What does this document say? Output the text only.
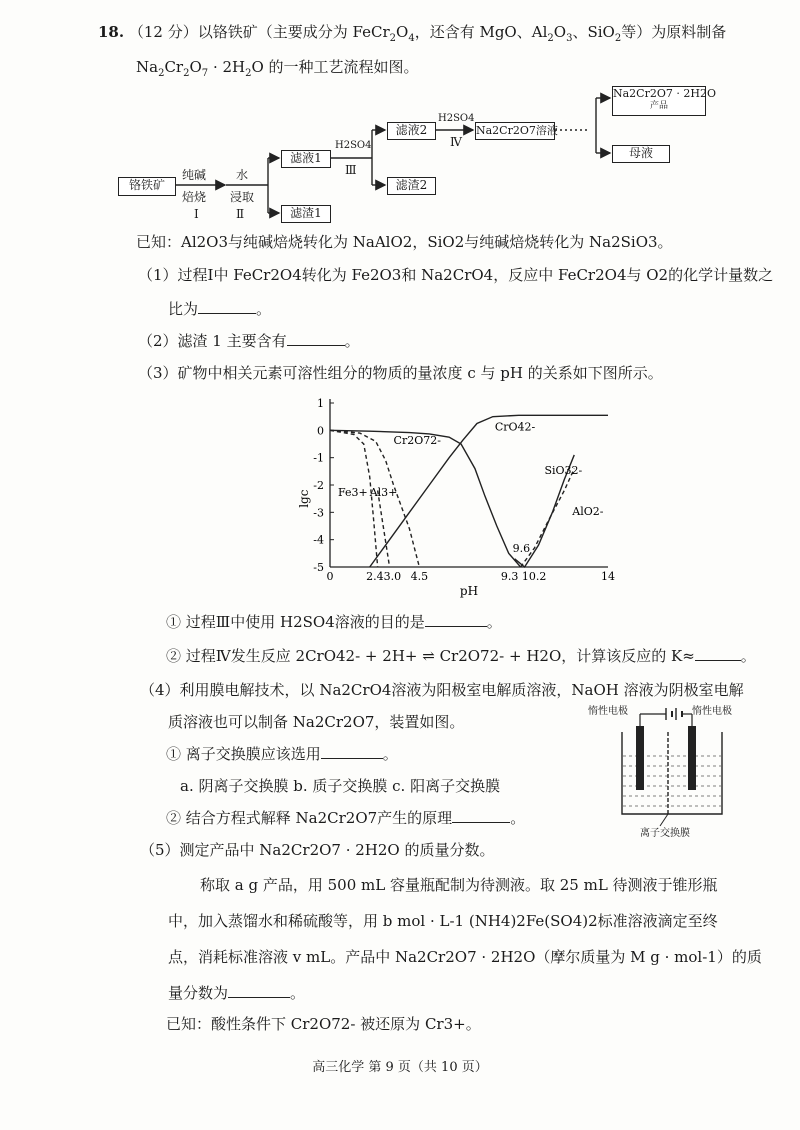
18. （12 分）以铬铁矿（主要成分为 $FeCr_2O_4$，还含有 MgO、$Al_2O_3$、SiO$_2$等）为原料制备
$Na_2Cr_2O_7 \cdot 2H_2O$ 的一种工艺流程如图。
铬铁矿
纯碱
焙烧
Ⅰ
水
浸取
Ⅱ
滤液1
滤渣1
H2SO4
Ⅲ
滤液2
滤渣2
H2SO4
Ⅳ
Na2Cr2O7溶液
Na2Cr2O7 · 2H2O
产品
母液
已知：Al2O3与纯碱焙烧转化为 NaAlO2，SiO2与纯碱焙烧转化为 Na2SiO3。
（1）过程Ⅰ中 FeCr2O4转化为 Fe2O3和 Na2CrO4，反应中 FeCr2O4与 O2的化学计量数之
比为	。
（2）滤渣 1 主要含有	。
（3）矿物中相关元素可溶性组分的物质的量浓度 c 与 pH 的关系如下图所示。
1
0
-1
-2
-3
-4
-5
0	2.43.0 4.5	9.3 10.2	14
pH
lgc
Cr2O72-
CrO42-
Fe3+ Al3+
SiO32-
AlO2-
9.6
① 过程Ⅲ中使用 H2SO4溶液的目的是	。
② 过程Ⅳ发生反应 2CrO42- + 2H+ ⇌ Cr2O72- + H2O，计算该反应的 K≈	。
（4）利用膜电解技术，以 Na2CrO4溶液为阳极室电解质溶液，NaOH 溶液为阴极室电解
质溶液也可以制备 Na2Cr2O7，装置如图。
① 离子交换膜应该选用	。
a. 阴离子交换膜 b. 质子交换膜 c. 阳离子交换膜
② 结合方程式解释 Na2Cr2O7产生的原理	。
惰性电极	惰性电极
离子交换膜
（5）测定产品中 Na2Cr2O7 · 2H2O 的质量分数。
称取 a g 产品，用 500 mL 容量瓶配制为待测液。取 25 mL 待测液于锥形瓶
中，加入蒸馏水和稀硫酸等，用 b mol · L-1 (NH4)2Fe(SO4)2标准溶液滴定至终
点，消耗标准溶液 v mL。产品中 Na2Cr2O7 · 2H2O（摩尔质量为 M g · mol-1）的质
量分数为	。
已知：酸性条件下 Cr2O72- 被还原为 Cr3+。
高三化学 第 9 页（共 10 页）
